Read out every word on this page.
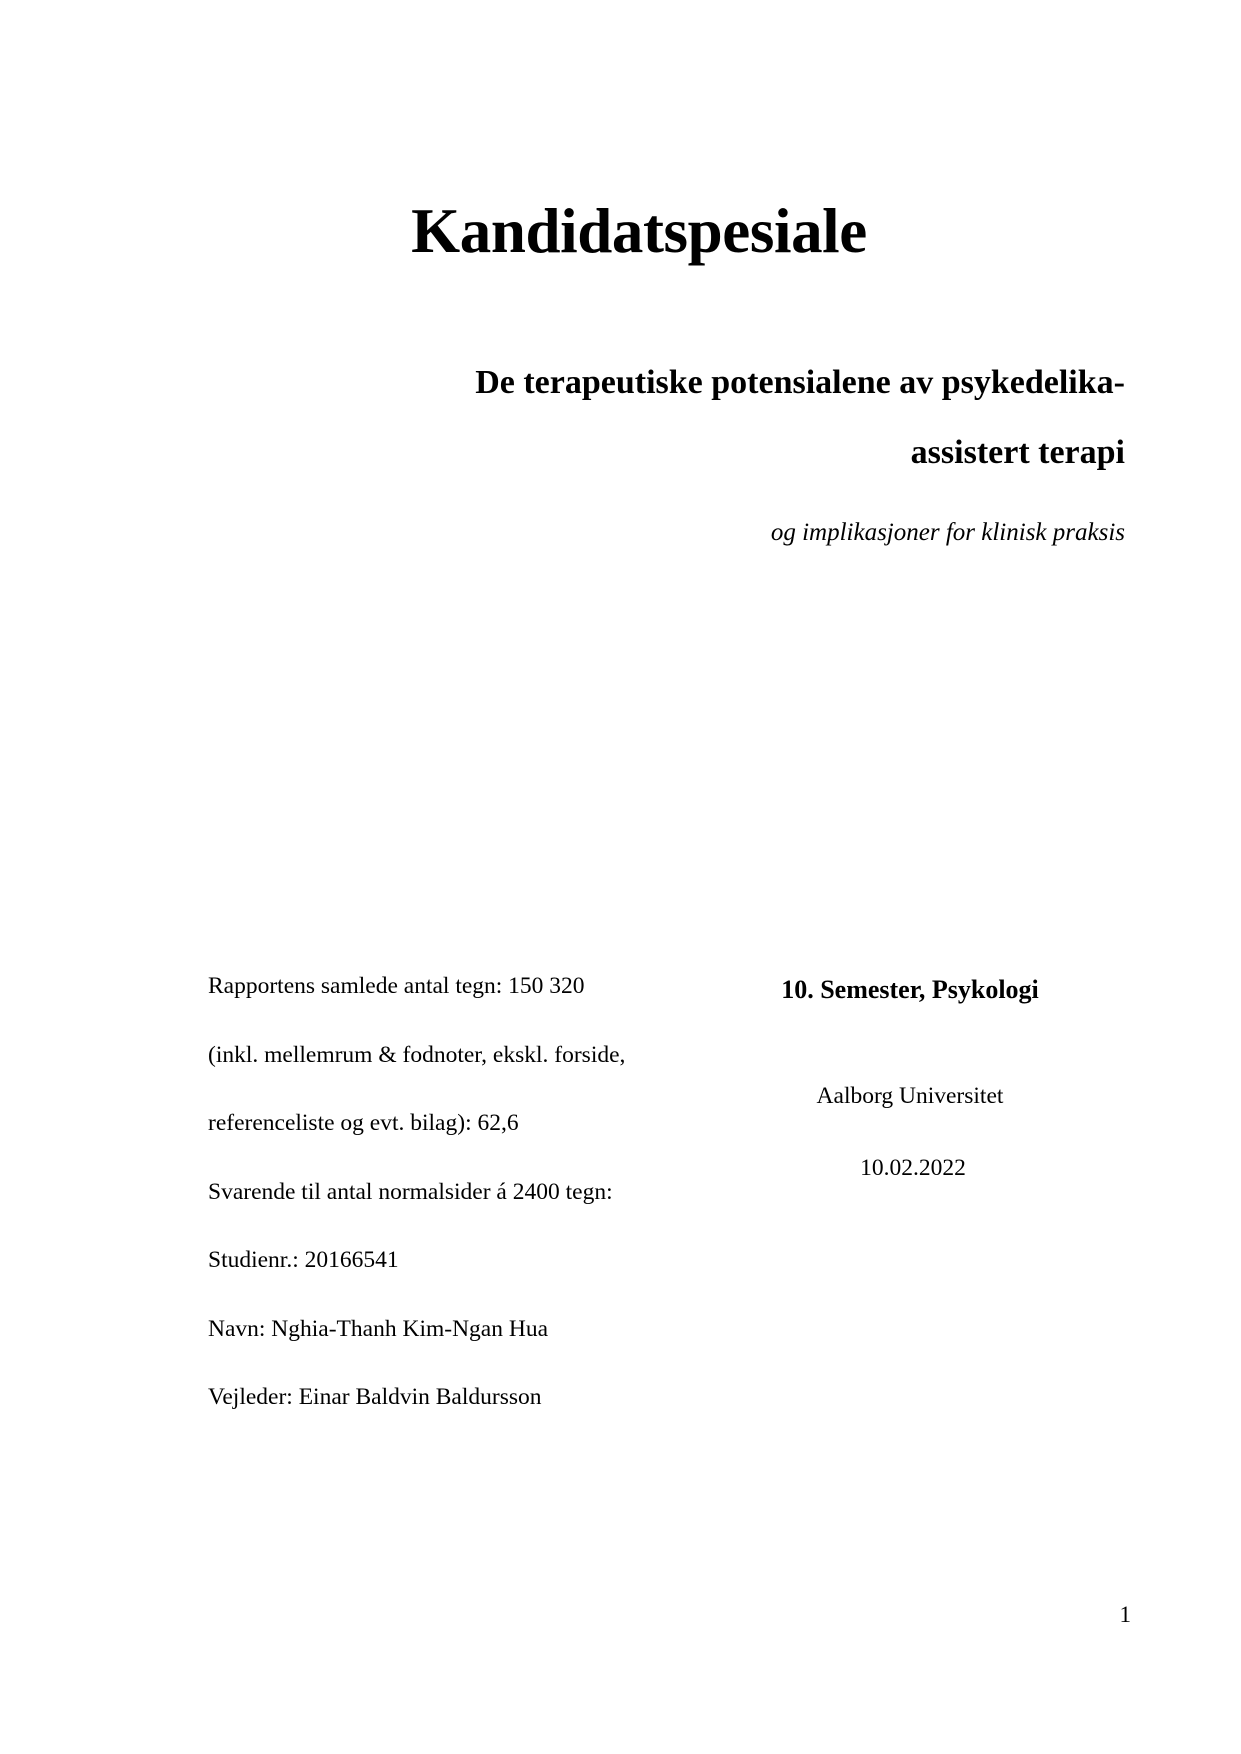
Kandidatspesiale
De terapeutiske potensialene av psykedelika-
assistert terapi
og implikasjoner for klinisk praksis

Rapportens samlede antal tegn: 150 320

(inkl. mellemrum & fodnoter, ekskl. forside,

referenceliste og evt. bilag): 62,6

Svarende til antal normalsider á 2400 tegn:

Studienr.: 20166541

Navn: Nghia-Thanh Kim-Ngan Hua

Vejleder: Einar Baldvin Baldursson

10. Semester, Psykologi

Aalborg Universitet

10.02.2022

1
